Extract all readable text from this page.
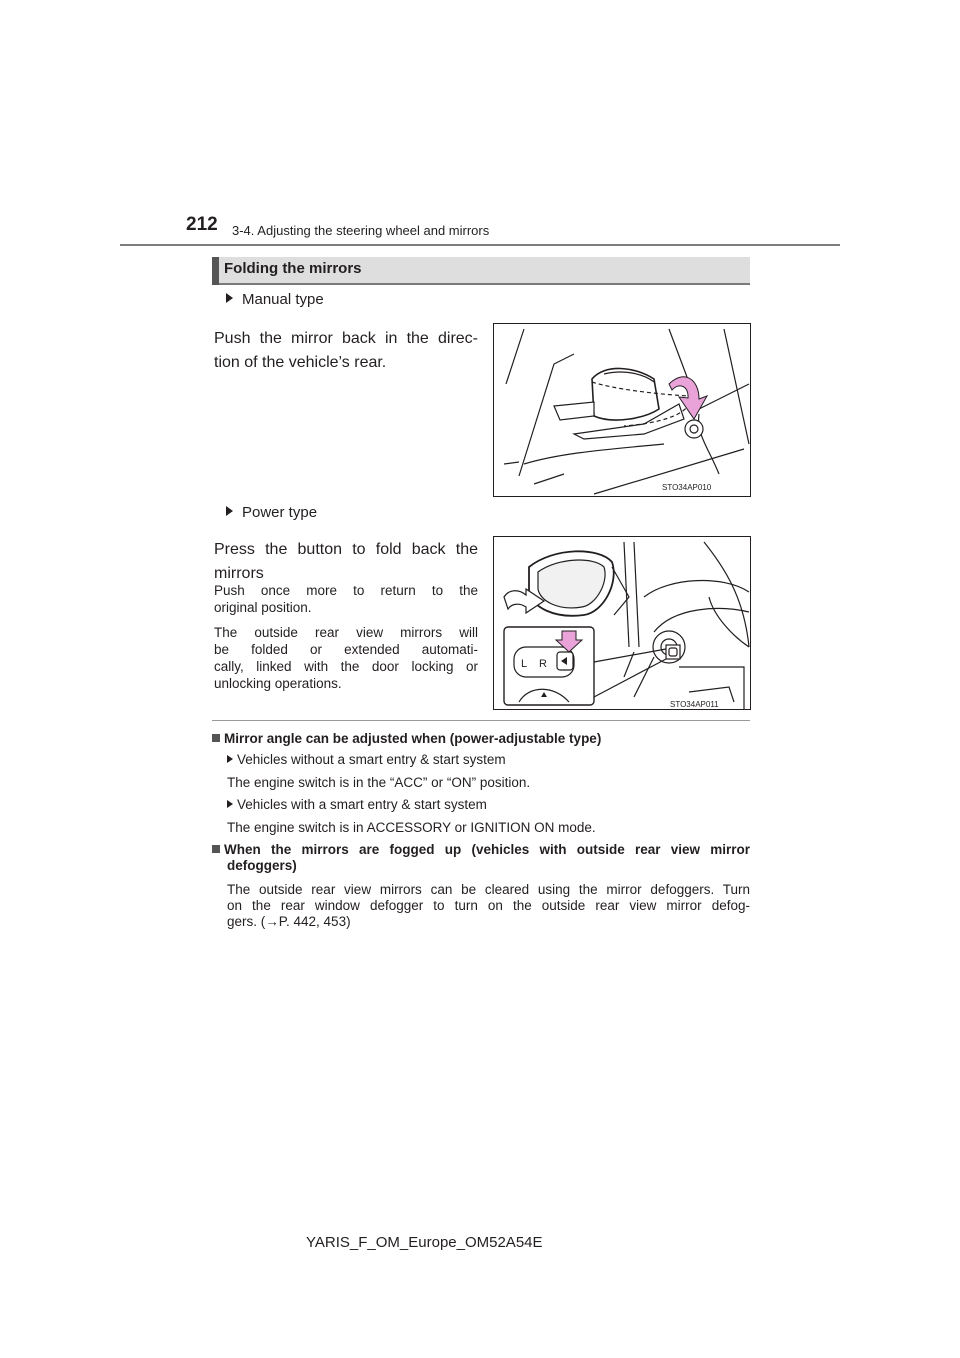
212 3-4. Adjusting the steering wheel and mirrors
Folding the mirrors
Manual type
Push the mirror back in the direc-
tion of the vehicle’s rear.
STO34AP010
Power type
Press the button to fold back the
mirrors
Push once more to return to the
original position.
The outside rear view mirrors will
be folded or extended automati-
cally, linked with the door locking or
unlocking operations.
L R
STO34AP011
Mirror angle can be adjusted when (power-adjustable type)
Vehicles without a smart entry & start system
The engine switch is in the “ACC” or “ON” position.
Vehicles with a smart entry & start system
The engine switch is in ACCESSORY or IGNITION ON mode.
When the mirrors are fogged up (vehicles with outside rear view mirror
defoggers)
The outside rear view mirrors can be cleared using the mirror defoggers. Turn
on the rear window defogger to turn on the outside rear view mirror defog-
gers. (→P. 442, 453)
YARIS_F_OM_Europe_OM52A54E
